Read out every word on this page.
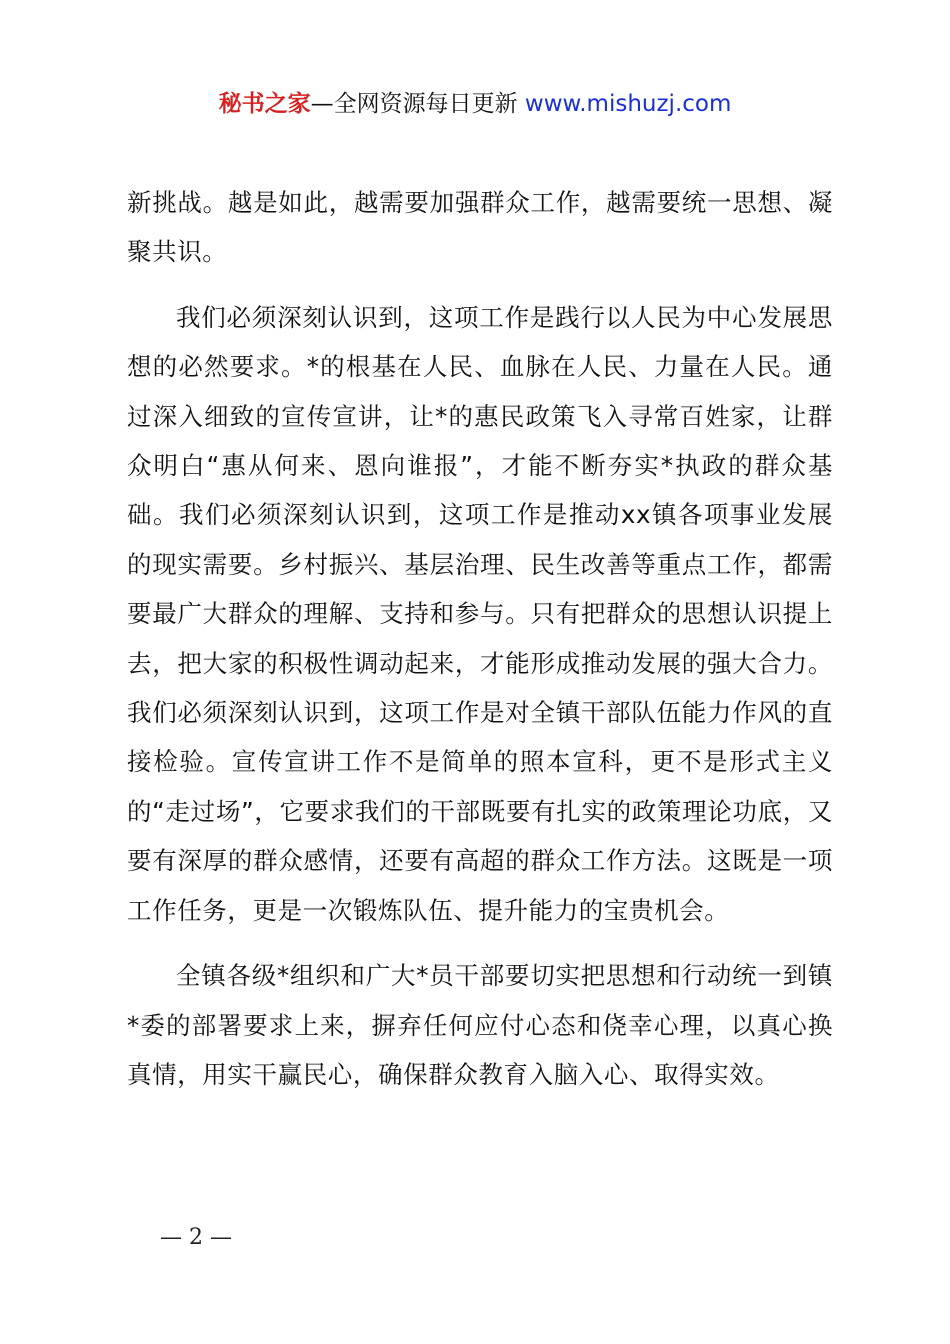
秘书之家—全网资源每日更新 www.mishuzj.com

新挑战。越是如此，越需要加强群众工作，越需要统一思想、凝聚共识。

我们必须深刻认识到，这项工作是践行以人民为中心发展思想的必然要求。*的根基在人民、血脉在人民、力量在人民。通过深入细致的宣传宣讲，让*的惠民政策飞入寻常百姓家，让群众明白“惠从何来、恩向谁报”，才能不断夯实*执政的群众基础。我们必须深刻认识到，这项工作是推动xx镇各项事业发展的现实需要。乡村振兴、基层治理、民生改善等重点工作，都需要最广大群众的理解、支持和参与。只有把群众的思想认识提上去，把大家的积极性调动起来，才能形成推动发展的强大合力。我们必须深刻认识到，这项工作是对全镇干部队伍能力作风的直接检验。宣传宣讲工作不是简单的照本宣科，更不是形式主义的“走过场”，它要求我们的干部既要有扎实的政策理论功底，又要有深厚的群众感情，还要有高超的群众工作方法。这既是一项工作任务，更是一次锻炼队伍、提升能力的宝贵机会。

全镇各级*组织和广大*员干部要切实把思想和行动统一到镇*委的部署要求上来，摒弃任何应付心态和侥幸心理，以真心换真情，用实干赢民心，确保群众教育入脑入心、取得实效。

— 2 —
